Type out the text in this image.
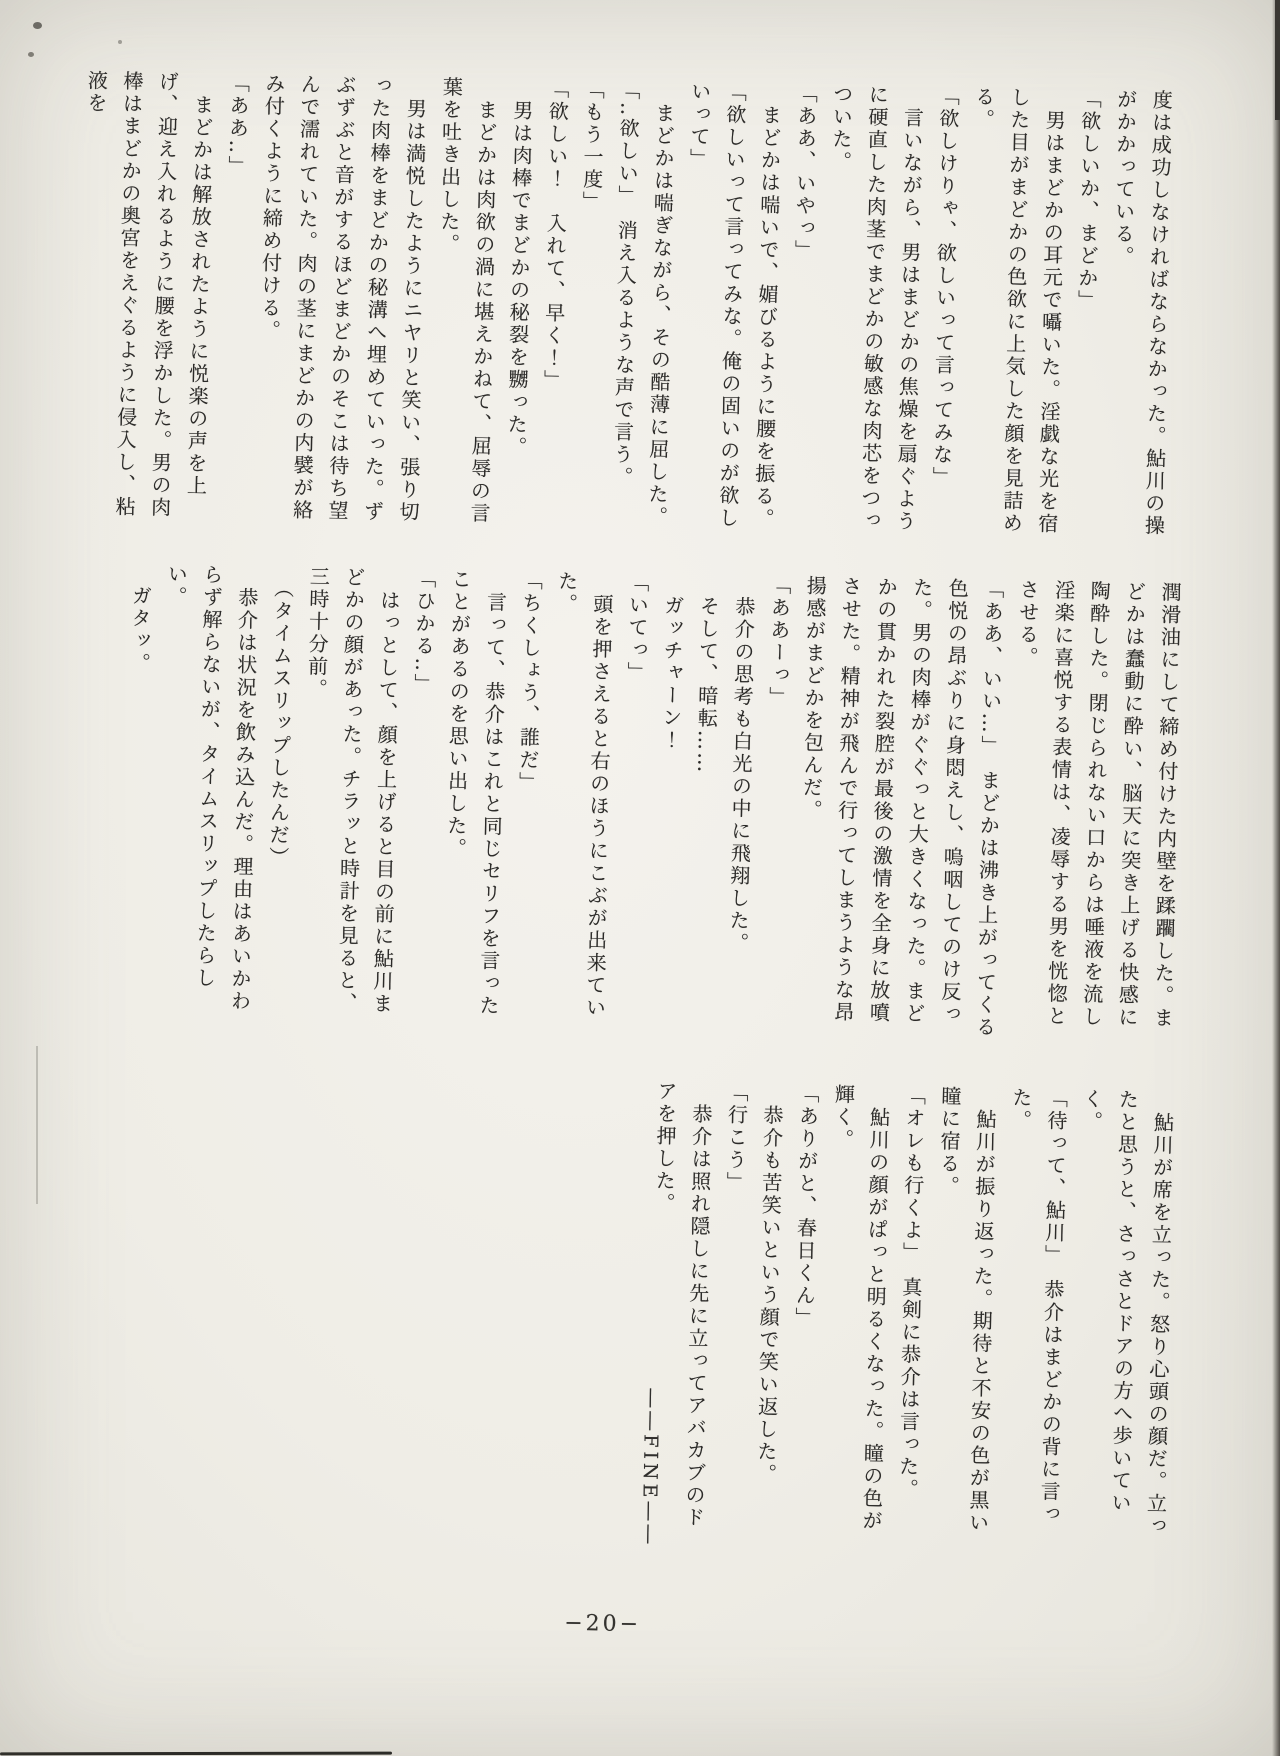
度は成功しなければならなかった。鮎川の操がかかっている。

「欲しいか、まどか」

　男はまどかの耳元で囁いた。淫戯な光を宿した目がまどかの色欲に上気した顔を見詰める。

「欲しけりゃ、欲しいって言ってみな」

　言いながら、男はまどかの焦燥を扇ぐように硬直した肉茎でまどかの敏感な肉芯をつっついた。

「ああ、いやっ」

　まどかは喘いで、媚びるように腰を振る。

「欲しいって言ってみな。俺の固いのが欲しいって」

　まどかは喘ぎながら、その酷薄に屈した。

「‥欲しい」　消え入るような声で言う。

「もう一度」

「欲しい！　入れて、早く！」

　男は肉棒でまどかの秘裂を嬲った。

　まどかは肉欲の渦に堪えかねて、屈辱の言葉を吐き出した。

　男は満悦したようにニヤリと笑い、張り切った肉棒をまどかの秘溝へ埋めていった。ずぶずぶと音がするほどまどかのそこは待ち望んで濡れていた。肉の茎にまどかの内襞が絡み付くように締め付ける。

「ああ‥」

　まどかは解放されたように悦楽の声を上げ、迎え入れるように腰を浮かした。男の肉棒はまどかの奥宮をえぐるように侵入し、粘液を

潤滑油にして締め付けた内壁を蹂躙した。まどかは蠢動に酔い、脳天に突き上げる快感に陶酔した。閉じられない口からは唾液を流し淫楽に喜悦する表情は、凌辱する男を恍惚とさせる。

「ああ、いい…」　まどかは沸き上がってくる色悦の昂ぶりに身悶えし、嗚咽してのけ反った。男の肉棒がぐぐっと大きくなった。まどかの貫かれた裂腔が最後の激情を全身に放噴させた。精神が飛んで行ってしまうような昂揚感がまどかを包んだ。

「ああーっ」

　恭介の思考も白光の中に飛翔した。

　そして、暗転……

　ガッチャーン！

「いてっ」

　頭を押さえると右のほうにこぶが出来ていた。

「ちくしょう、誰だ」

　言って、恭介はこれと同じセリフを言ったことがあるのを思い出した。

「ひかる‥」

　はっとして、顔を上げると目の前に鮎川まどかの顔があった。チラッと時計を見ると、三時十分前。

　（タイムスリップしたんだ）

　恭介は状況を飲み込んだ。理由はあいかわらず解らないが、タイムスリップしたらしい。

　ガタッ。

　鮎川が席を立った。怒り心頭の顔だ。立ったと思うと、さっさとドアの方へ歩いていく。

「待って、鮎川」　恭介はまどかの背に言った。

　鮎川が振り返った。期待と不安の色が黒い瞳に宿る。

「オレも行くよ」　真剣に恭介は言った。

　鮎川の顔がぱっと明るくなった。瞳の色が輝く。

「ありがと、春日くん」

　恭介も苦笑いという顔で笑い返した。

「行こう」

　恭介は照れ隠しに先に立ってアバカブのドアを押した。

――FINE――
−20−
